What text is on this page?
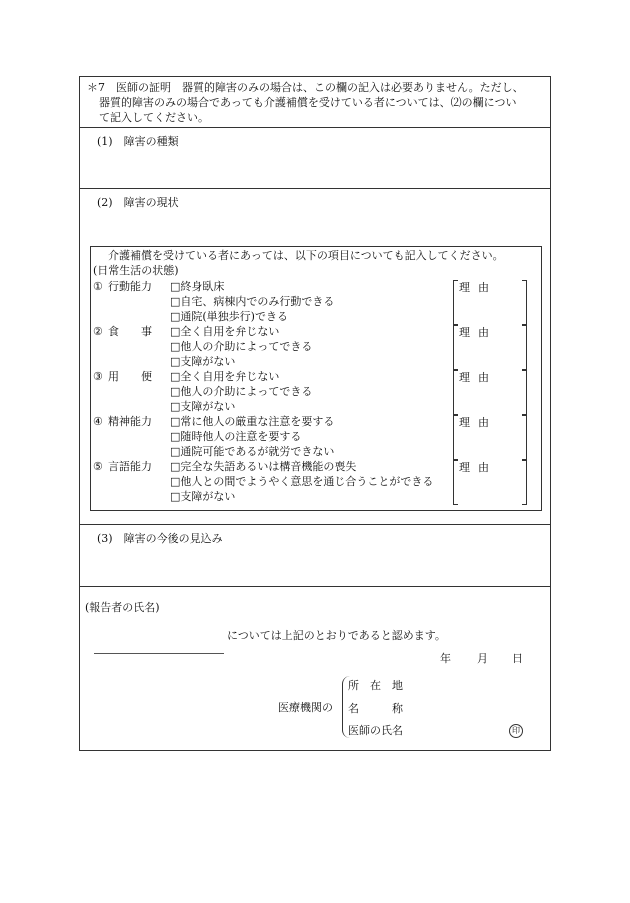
＊7　医師の証明　器質的障害のみの場合は、この欄の記入は必要ありません。ただし、

器質的障害のみの場合であっても介護補償を受けている者については、⑵の欄につい

て記入してください。

(1)　障害の種類
(2)　障害の現状
介護補償を受けている者にあっては、以下の項目についても記入してください。
(日常生活の状態)
① 行動能力 □終身臥床
□自宅、病棟内でのみ行動できる
□通院(単独歩行)できる
理由
② 食　　事 □全く自用を弁じない
□他人の介助によってできる
□支障がない
理由
③ 用　　便 □全く自用を弁じない
□他人の介助によってできる
□支障がない
理由
④ 精神能力 □常に他人の厳重な注意を要する
□随時他人の注意を要する
□通院可能であるが就労できない
理由
⑤ 言語能力 □完全な失語あるいは構音機能の喪失
□他人との間でようやく意思を通じ合うことができる
□支障がない
理由
(3)　障害の今後の見込み
(報告者の氏名)
については上記のとおりであると認めます。
年 月 日
医療機関の
所　在　地
名　　　称
医師の氏名	印
